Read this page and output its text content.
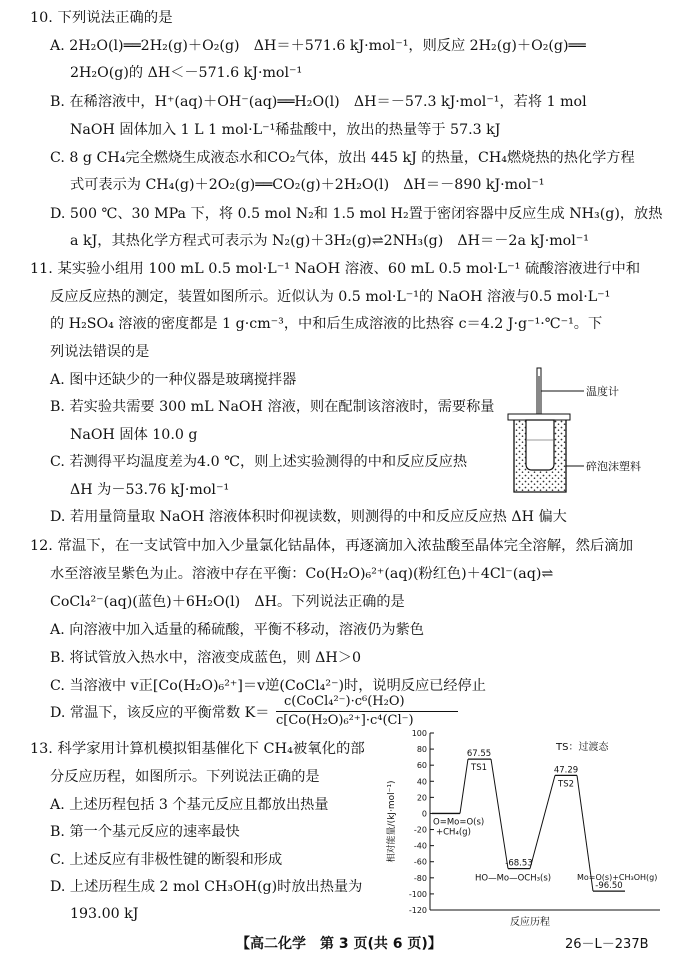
10. 下列说法正确的是
A. 2H₂O(l)══2H₂(g)＋O₂(g)　ΔH＝＋571.6 kJ·mol⁻¹，则反应 2H₂(g)＋O₂(g)══
2H₂O(g)的 ΔH＜－571.6 kJ·mol⁻¹
B. 在稀溶液中，H⁺(aq)＋OH⁻(aq)══H₂O(l)　ΔH＝－57.3 kJ·mol⁻¹，若将 1 mol
NaOH 固体加入 1 L 1 mol·L⁻¹稀盐酸中，放出的热量等于 57.3 kJ
C. 8 g CH₄完全燃烧生成液态水和CO₂气体，放出 445 kJ 的热量，CH₄燃烧热的热化学方程
式可表示为 CH₄(g)＋2O₂(g)══CO₂(g)＋2H₂O(l)　ΔH＝－890 kJ·mol⁻¹
D. 500 ℃、30 MPa 下，将 0.5 mol N₂和 1.5 mol H₂置于密闭容器中反应生成 NH₃(g)，放热
a kJ，其热化学方程式可表示为 N₂(g)＋3H₂(g)⇌2NH₃(g)　ΔH＝－2a kJ·mol⁻¹
11. 某实验小组用 100 mL 0.5 mol·L⁻¹ NaOH 溶液、60 mL 0.5 mol·L⁻¹ 硫酸溶液进行中和
反应反应热的测定，装置如图所示。近似认为 0.5 mol·L⁻¹的 NaOH 溶液与0.5 mol·L⁻¹
的 H₂SO₄ 溶液的密度都是 1 g·cm⁻³，中和后生成溶液的比热容 c＝4.2 J·g⁻¹·℃⁻¹。下
列说法错误的是
A. 图中还缺少的一种仪器是玻璃搅拌器
B. 若实验共需要 300 mL NaOH 溶液，则在配制该溶液时，需要称量
NaOH 固体 10.0 g
C. 若测得平均温度差为4.0 ℃，则上述实验测得的中和反应反应热
ΔH 为－53.76 kJ·mol⁻¹
D. 若用量筒量取 NaOH 溶液体积时仰视读数，则测得的中和反应反应热 ΔH 偏大
温度计
碎泡沫塑料
12. 常温下，在一支试管中加入少量氯化钴晶体，再逐滴加入浓盐酸至晶体完全溶解，然后滴加
水至溶液呈紫色为止。溶液中存在平衡：Co(H₂O)₆²⁺(aq)(粉红色)＋4Cl⁻(aq)⇌
CoCl₄²⁻(aq)(蓝色)＋6H₂O(l)　ΔH。下列说法正确的是
A. 向溶液中加入适量的稀硫酸，平衡不移动，溶液仍为紫色
B. 将试管放入热水中，溶液变成蓝色，则 ΔH＞0
C. 当溶液中 v正[Co(H₂O)₆²⁺]＝v逆(CoCl₄²⁻)时，说明反应已经停止
D. 常温下，该反应的平衡常数 K＝
c(CoCl₄²⁻)·c⁶(H₂O)
c[Co(H₂O)₆²⁺]·c⁴(Cl⁻)
13. 科学家用计算机模拟钼基催化下 CH₄被氧化的部
分反应历程，如图所示。下列说法正确的是
A. 上述历程包括 3 个基元反应且都放出热量
B. 第一个基元反应的速率最快
C. 上述反应有非极性键的断裂和形成
D. 上述历程生成 2 mol CH₃OH(g)时放出热量为
193.00 kJ
100
80
60
40
20
0
-20
-40
-60
-80
-100
-120
相对能量/(kJ·mol⁻¹)
反应历程
TS：过渡态
O=Mo=O(s)
+CH₄(g)
67.55
TS1
-68.53
HO—Mo—OCH₃(s)
47.29
TS2
-96.50
Mo=O(s)+CH₃OH(g)
【高二化学　第 3 页(共 6 页)】	26－L－237B
